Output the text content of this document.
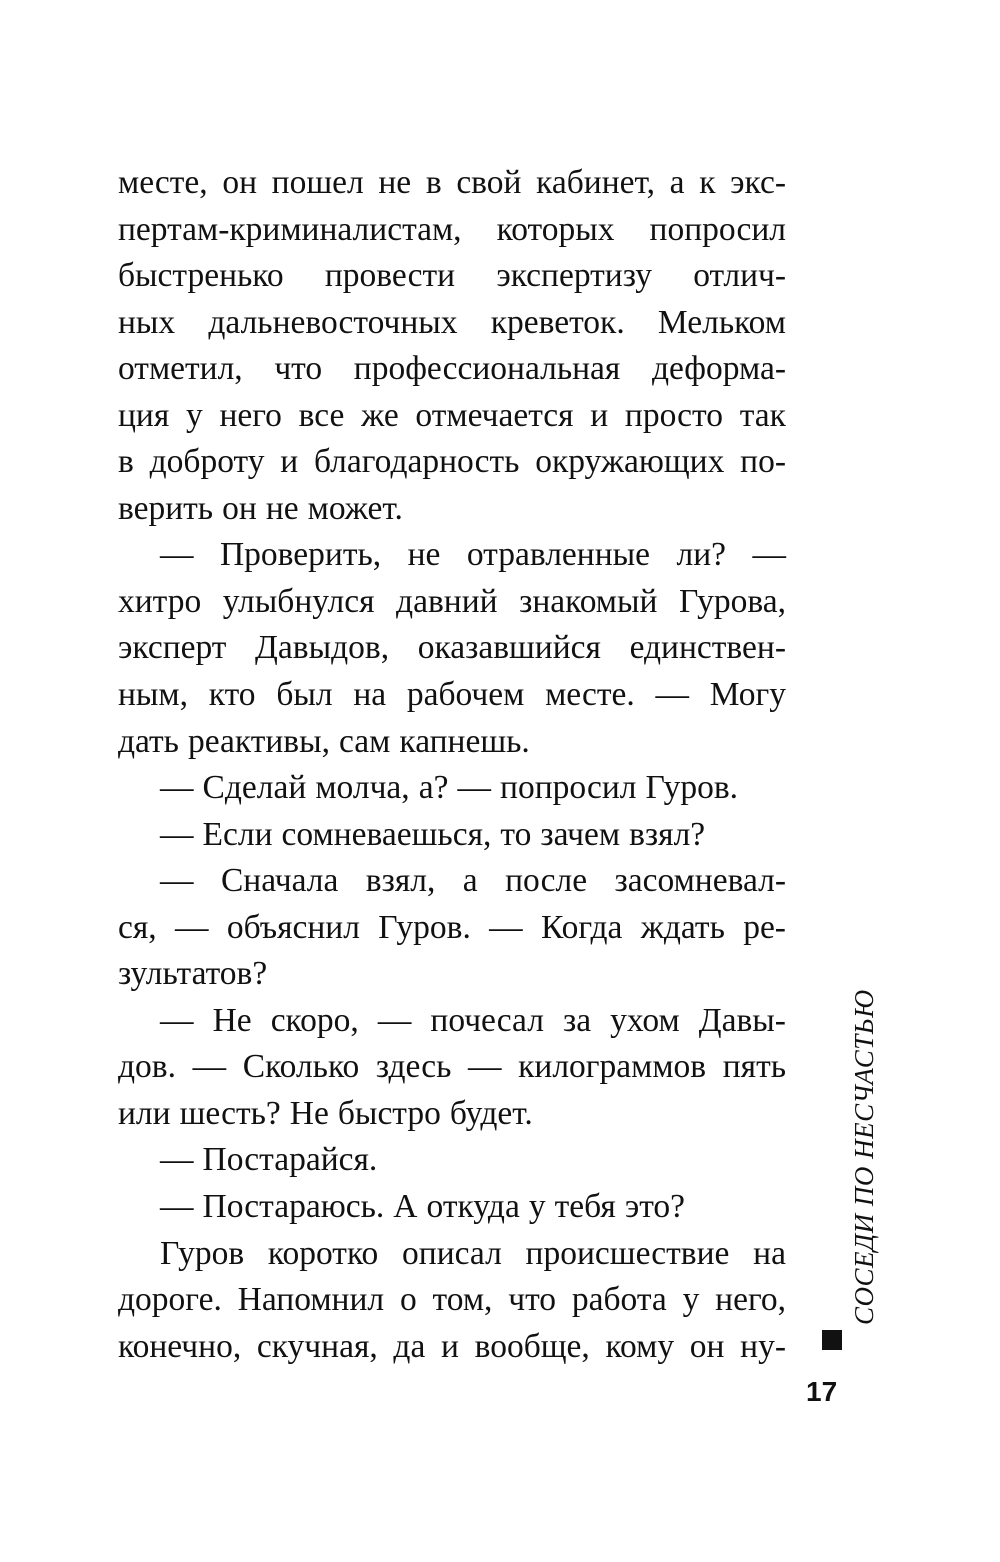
месте, он пошел не в свой кабинет, а к экс-
пертам-криминалистам, которых попросил
быстренько провести экспертизу отлич-
ных дальневосточных креветок. Мельком
отметил, что профессиональная деформа-
ция у него все же отмечается и просто так
в доброту и благодарность окружающих по-
верить он не может.
— Проверить, не отравленные ли? —
хитро улыбнулся давний знакомый Гурова,
эксперт Давыдов, оказавшийся единствен-
ным, кто был на рабочем месте. — Могу
дать реактивы, сам капнешь.
— Сделай молча, а? — попросил Гуров.
— Если сомневаешься, то зачем взял?
— Сначала взял, а после засомневал-
ся, — объяснил Гуров. — Когда ждать ре-
зультатов?
— Не скоро, — почесал за ухом Давы-
дов. — Сколько здесь — килограммов пять
или шесть? Не быстро будет.
— Постарайся.
— Постараюсь. А откуда у тебя это?
Гуров коротко описал происшествие на
дороге. Напомнил о том, что работа у него,
конечно, скучная, да и вообще, кому он ну-
СОСЕДИ ПО НЕСЧАСТЬЮ
17
